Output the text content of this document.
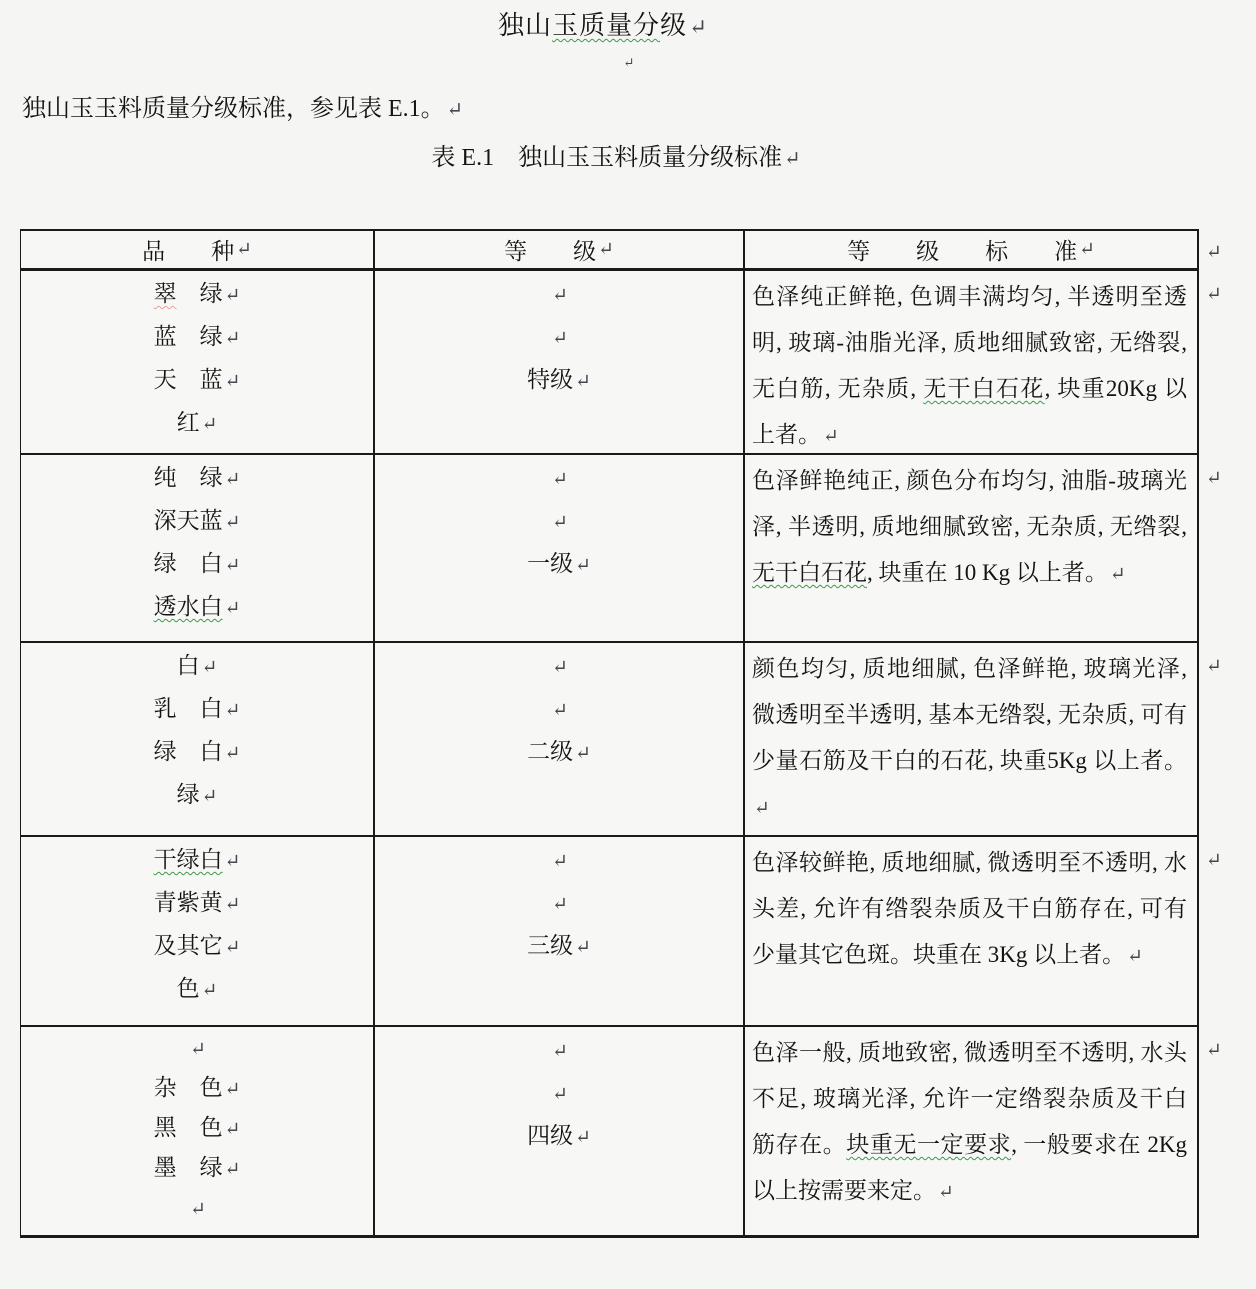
独山玉质量分级↵
↵
独山玉玉料质量分级标准，参见表 E.1。 ↵
表 E.1　独山玉玉料质量分级标准 ↵
品　　种 ↵	等　　级 ↵	等　　级　　标　　准 ↵
翠　绿 ↵
蓝　绿 ↵
天　蓝 ↵
红 ↵
↵
↵
特级 ↵
色泽纯正鲜艳, 色调丰满均匀, 半透明至透明, 玻璃-油脂光泽, 质地细腻致密, 无绺裂, 无白筋, 无杂质, 无干白石花, 块重20Kg 以上者。 ↵
纯　绿 ↵
深天蓝 ↵
绿　白 ↵
透水白 ↵
↵
↵
一级 ↵
色泽鲜艳纯正, 颜色分布均匀, 油脂-玻璃光泽, 半透明, 质地细腻致密, 无杂质, 无绺裂, 无干白石花, 块重在 10 Kg 以上者。 ↵
白 ↵
乳　白 ↵
绿　白 ↵
绿 ↵
↵
↵
二级 ↵
颜色均匀, 质地细腻, 色泽鲜艳, 玻璃光泽, 微透明至半透明, 基本无绺裂, 无杂质, 可有少量石筋及干白的石花, 块重5Kg 以上者。↵
干绿白 ↵
青紫黄 ↵
及其它 ↵
色 ↵
↵
↵
三级 ↵
色泽较鲜艳, 质地细腻, 微透明至不透明, 水头差, 允许有绺裂杂质及干白筋存在, 可有少量其它色斑。块重在 3Kg 以上者。 ↵
↵
杂　色 ↵
黑　色 ↵
墨　绿 ↵
↵
↵
↵
四级 ↵
色泽一般, 质地致密, 微透明至不透明, 水头不足, 玻璃光泽, 允许一定绺裂杂质及干白筋存在。块重无一定要求, 一般要求在 2Kg 以上按需要来定。 ↵
↵
↵
↵
↵
↵
↵
